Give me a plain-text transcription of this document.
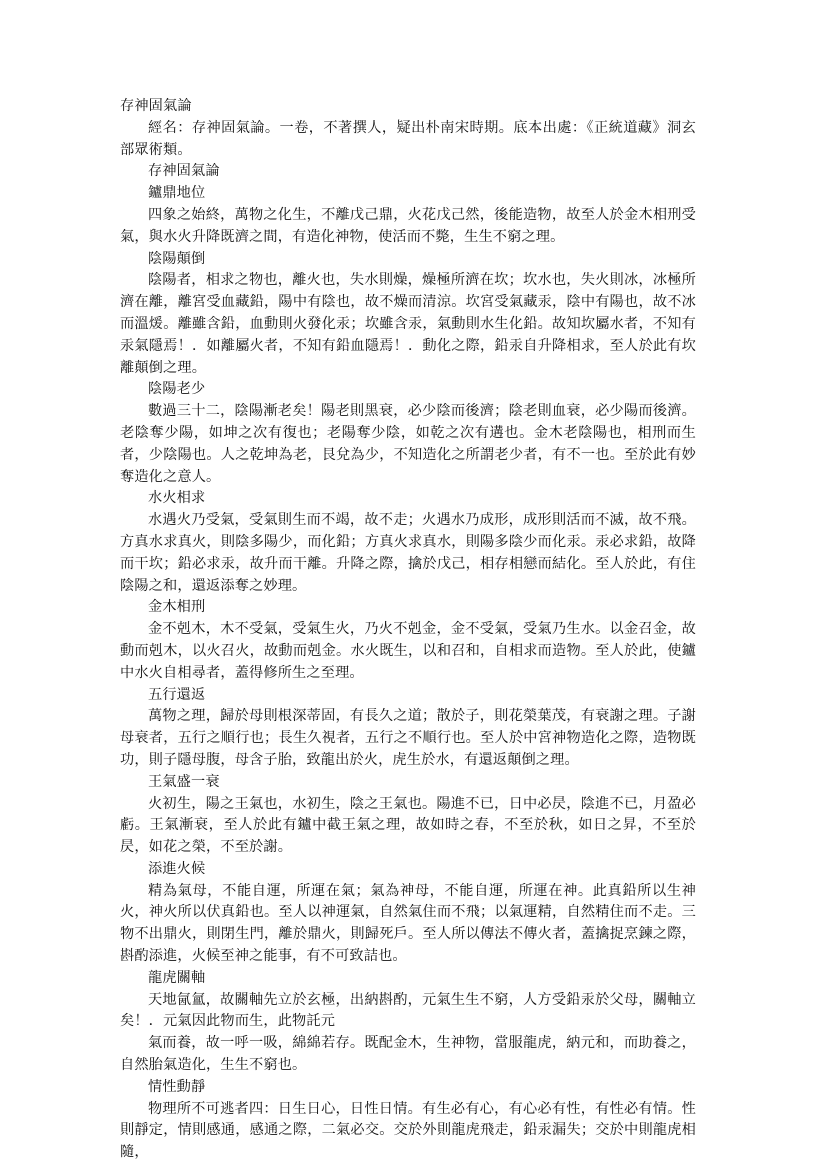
存神固氣論

經名：存神固氣論。一卷，不著撰人，疑出朴南宋時期。底本出處：《正統道藏》洞玄部眾術類。

存神固氣論

鑪鼎地位

四象之始終，萬物之化生，不離戊己鼎，火花戊己然，後能造物，故至人於金木相刑受氣，與水火升降既濟之間，有造化神物，使活而不斃，生生不窮之理。

陰陽顛倒

陰陽者，相求之物也，離火也，失水則燥，燥極所濟在坎；坎水也，失火則冰，冰極所濟在離，離宮受血藏鉛，陽中有陰也，故不燥而清涼。坎宮受氣藏汞，陰中有陽也，故不冰而溫煖。離雖含鉛，血動則火發化汞；坎雖含汞，氣動則水生化鉛。故知坎屬水者，不知有汞氣隱焉！．如離屬火者，不知有鉛血隱焉！．動化之際，鉛汞自升降相求，至人於此有坎離顛倒之理。

陰陽老少

數過三十二，陰陽漸老矣！陽老則黑衰，必少陰而後濟；陰老則血衰，必少陽而後濟。老陰奪少陽，如坤之次有復也；老陽奪少陰，如乾之次有遘也。金木老陰陽也，相刑而生者，少陰陽也。人之乾坤為老，艮兌為少，不知造化之所謂老少者，有不一也。至於此有妙奪造化之意人。

水火相求

水遇火乃受氣，受氣則生而不竭，故不走；火遇水乃成形，成形則活而不滅，故不飛。方真水求真火，則陰多陽少，而化鉛；方真火求真水，則陽多陰少而化汞。汞必求鉛，故降而干坎；鉛必求汞，故升而干離。升降之際，擒於戊己，相存相戀而結化。至人於此，有住陰陽之和，還返添奪之妙理。

金木相刑

金不剋木，木不受氣，受氣生火，乃火不剋金，金不受氣，受氣乃生水。以金召金，故動而剋木，以火召火，故動而剋金。水火既生，以和召和，自相求而造物。至人於此，使鑪中水火自相尋者，蓋得修所生之至理。

五行還返

萬物之理，歸於母則根深蒂固，有長久之道；散於子，則花榮葉茂，有衰謝之理。子謝母衰者，五行之順行也；長生久視者，五行之不順行也。至人於中宮神物造化之際，造物既功，則子隱母腹，母含子胎，致龍出於火，虎生於水，有還返顛倒之理。

王氣盛一衰

火初生，陽之王氣也，水初生，陰之王氣也。陽進不已，日中必昃，陰進不已，月盈必虧。王氣漸衰，至人於此有鑪中截王氣之理，故如時之春，不至於秋，如日之昇，不至於昃，如花之榮，不至於謝。

添進火候

精為氣母，不能自運，所運在氣；氣為神母，不能自運，所運在神。此真鉛所以生神火，神火所以伏真鉛也。至人以神運氣，自然氣住而不飛；以氣運精，自然精住而不走。三物不出鼎火，則閉生門，離於鼎火，則歸死戶。至人所以傳法不傳火者，蓋擒捉烹鍊之際，斟酌添進，火候至神之能事，有不可致詰也。

龍虎關軸

天地氤氳，故關軸先立於玄極，出納斟酌，元氣生生不窮，人方受鉛汞於父母，關軸立矣！．元氣因此物而生，此物託元

氣而養，故一呼一吸，綿綿若存。既配金木，生神物，當服龍虎，納元和，而助養之，自然胎氣造化，生生不窮也。

情性動靜

物理所不可逃者四：日生日心，日性日情。有生必有心，有心必有性，有性必有情。性則靜定，情則感通，感通之際，二氣必交。交於外則龍虎飛走，鉛汞漏失；交於中則龍虎相隨，
